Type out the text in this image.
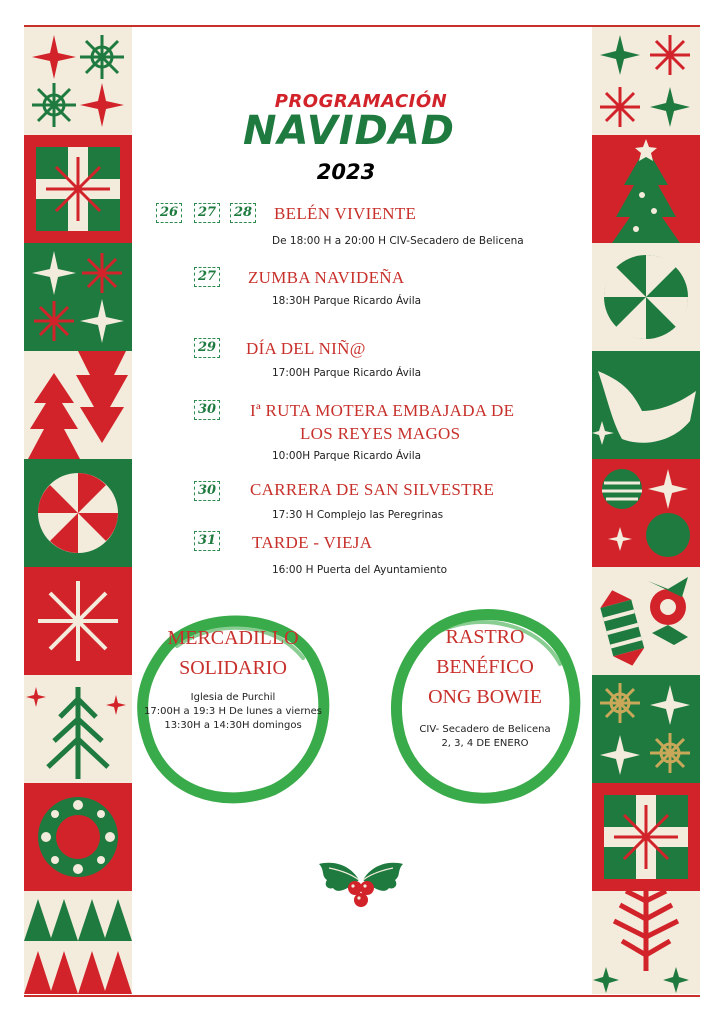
PROGRAMACIÓN
NAVIDAD
2023
26	27	28 BELÉN VIVIENTE
De 18:00 H a 20:00 H CIV-Secadero de Belicena
27 ZUMBA NAVIDEÑA
18:30H Parque Ricardo Ávila
29 DÍA DEL NIÑ@
17:00H Parque Ricardo Ávila
30 Iª RUTA MOTERA EMBAJADA DE
LOS REYES MAGOS
10:00H Parque Ricardo Ávila
30 CARRERA DE SAN SILVESTRE
17:30 H Complejo las Peregrinas
31 TARDE - VIEJA
16:00 H Puerta del Ayuntamiento
MERCADILLO
SOLIDARIO
Iglesia de Purchil
17:00H a 19:3 H De lunes a viernes
13:30H a 14:30H domingos
RASTRO
BENÉFICO
ONG BOWIE
CIV- Secadero de Belicena
2, 3, 4 DE ENERO
